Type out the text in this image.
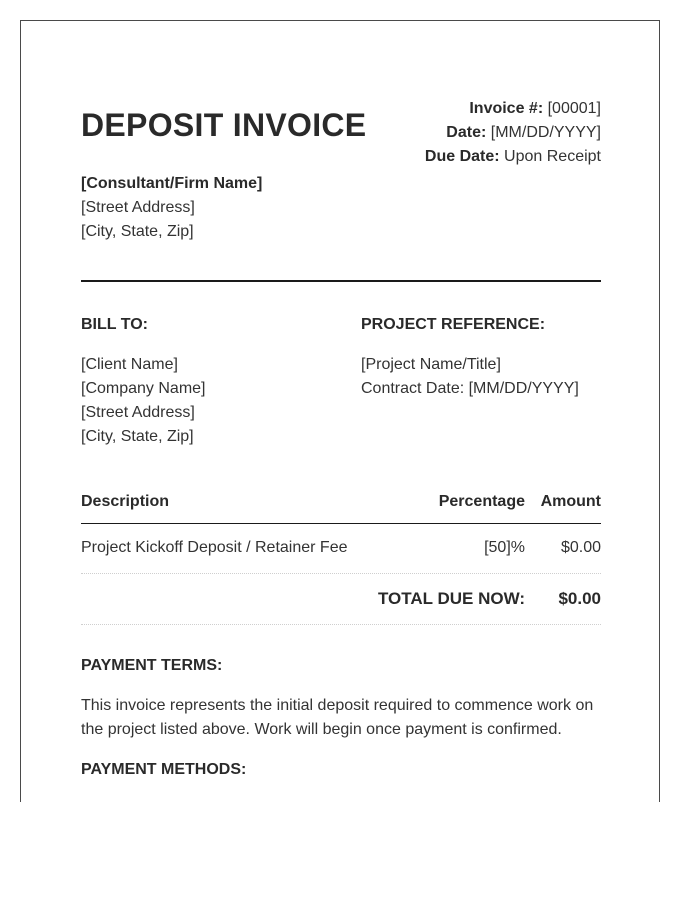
DEPOSIT INVOICE	Invoice #: [00001]
Date: [MM/DD/YYYY]
Due Date: Upon Receipt
[Consultant/Firm Name]
[Street Address]
[City, State, Zip]
BILL TO:
[Client Name]
[Company Name]
[Street Address]
[City, State, Zip]
PROJECT REFERENCE:
[Project Name/Title]
Contract Date: [MM/DD/YYYY]
Description	Percentage Amount
Project Kickoff Deposit / Retainer Fee	[50]% $0.00
TOTAL DUE NOW: $0.00
PAYMENT TERMS:

This invoice represents the initial deposit required to commence work on the project listed above. Work will begin once payment is confirmed.

PAYMENT METHODS:
